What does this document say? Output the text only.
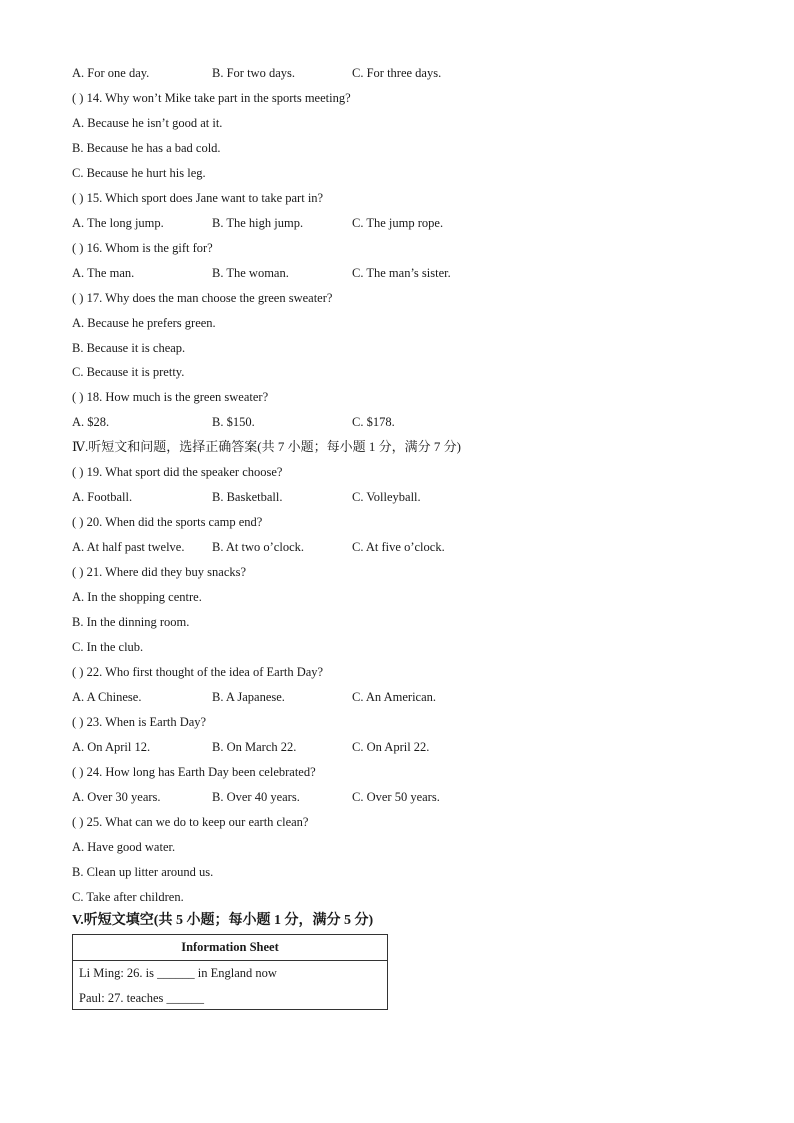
A. For one day.	B. For two days.	C. For three days.
( ) 14. Why won’t Mike take part in the sports meeting?
A. Because he isn’t good at it.
B. Because he has a bad cold.
C. Because he hurt his leg.
( ) 15. Which sport does Jane want to take part in?
A. The long jump.	B. The high jump.	C. The jump rope.
( ) 16. Whom is the gift for?
A. The man.	B. The woman.	C. The man’s sister.
( ) 17. Why does the man choose the green sweater?
A. Because he prefers green.
B. Because it is cheap.
C. Because it is pretty.
( ) 18. How much is the green sweater?
A. $28.	B. $150.	C. $178.
Ⅳ.听短文和问题，选择正确答案(共 7 小题；每小题 1 分，满分 7 分)
( ) 19. What sport did the speaker choose?
A. Football.	B. Basketball.	C. Volleyball.
( ) 20. When did the sports camp end?
A. At half past twelve. B. At two o’clock.	C. At five o’clock.
( ) 21. Where did they buy snacks?
A. In the shopping centre.
B. In the dinning room.
C. In the club.
( ) 22. Who first thought of the idea of Earth Day?
A. A Chinese.	B. A Japanese.	C. An American.
( ) 23. When is Earth Day?
A. On April 12.	B. On March 22.	C. On April 22.
( ) 24. How long has Earth Day been celebrated?
A. Over 30 years.	B. Over 40 years.	C. Over 50 years.
( ) 25. What can we do to keep our earth clean?
A. Have good water.
B. Clean up litter around us.
C. Take after children.
V.听短文填空(共 5 小题；每小题 1 分，满分 5 分)
Information Sheet
Li Ming: 26. is ______ in England now
Paul: 27. teaches ______
